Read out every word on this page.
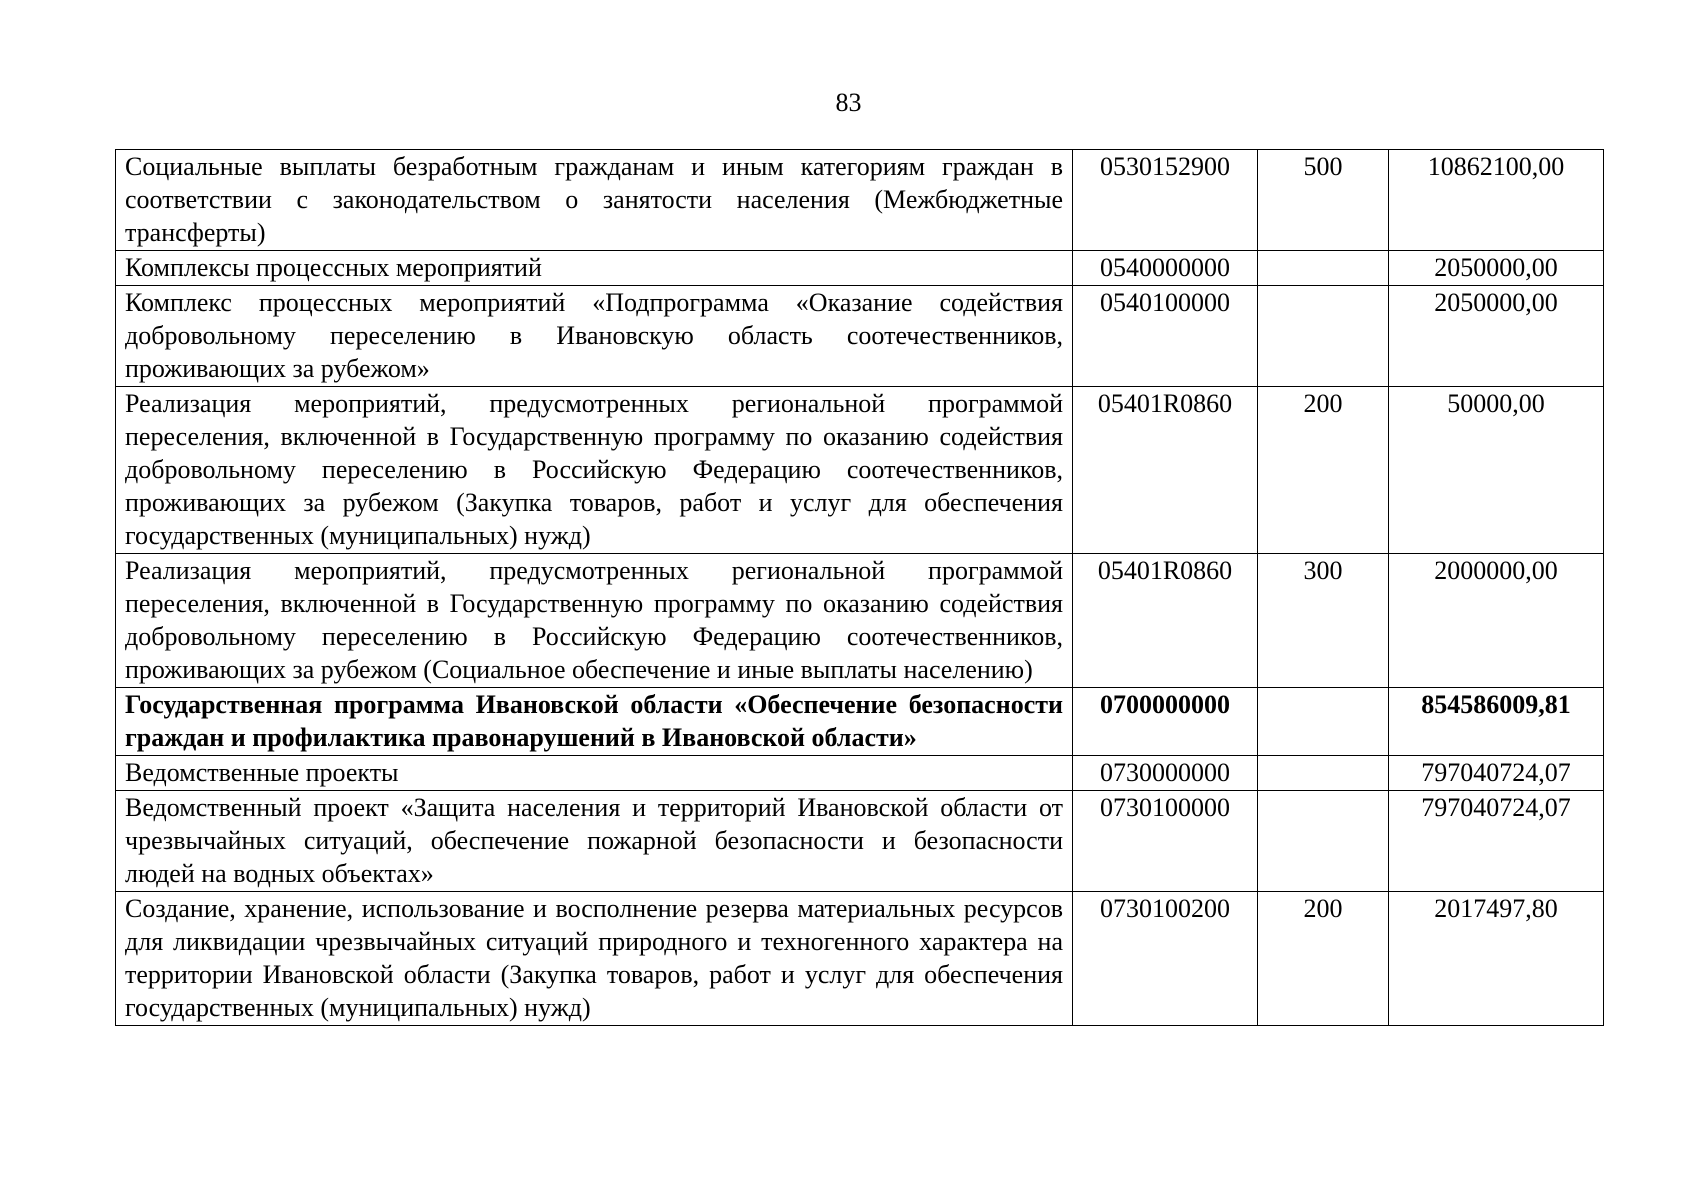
83
Социальные выплаты безработным гражданам и иным категориям граждан в соответствии с законодательством о занятости населения (Межбюджетные трансферты)	0530152900	500	10862100,00
Комплексы процессных мероприятий	0540000000		2050000,00
Комплекс процессных мероприятий «Подпрограмма «Оказание содействия добровольному переселению в Ивановскую область соотечественников, проживающих за рубежом»	0540100000		2050000,00
Реализация мероприятий, предусмотренных региональной программой переселения, включенной в Государственную программу по оказанию содействия добровольному переселению в Российскую Федерацию соотечественников, проживающих за рубежом (Закупка товаров, работ и услуг для обеспечения государственных (муниципальных) нужд)	05401R0860	200	50000,00
Реализация мероприятий, предусмотренных региональной программой переселения, включенной в Государственную программу по оказанию содействия добровольному переселению в Российскую Федерацию соотечественников, проживающих за рубежом (Социальное обеспечение и иные выплаты населению)	05401R0860	300	2000000,00
Государственная программа Ивановской области «Обеспечение безопасности граждан и профилактика правонарушений в Ивановской области»	0700000000		854586009,81
Ведомственные проекты	0730000000		797040724,07
Ведомственный проект «Защита населения и территорий Ивановской области от чрезвычайных ситуаций, обеспечение пожарной безопасности и безопасности людей на водных объектах»	0730100000		797040724,07
Создание, хранение, использование и восполнение резерва материальных ресурсов для ликвидации чрезвычайных ситуаций природного и техногенного характера на территории Ивановской области (Закупка товаров, работ и услуг для обеспечения государственных (муниципальных) нужд)	0730100200	200	2017497,80
